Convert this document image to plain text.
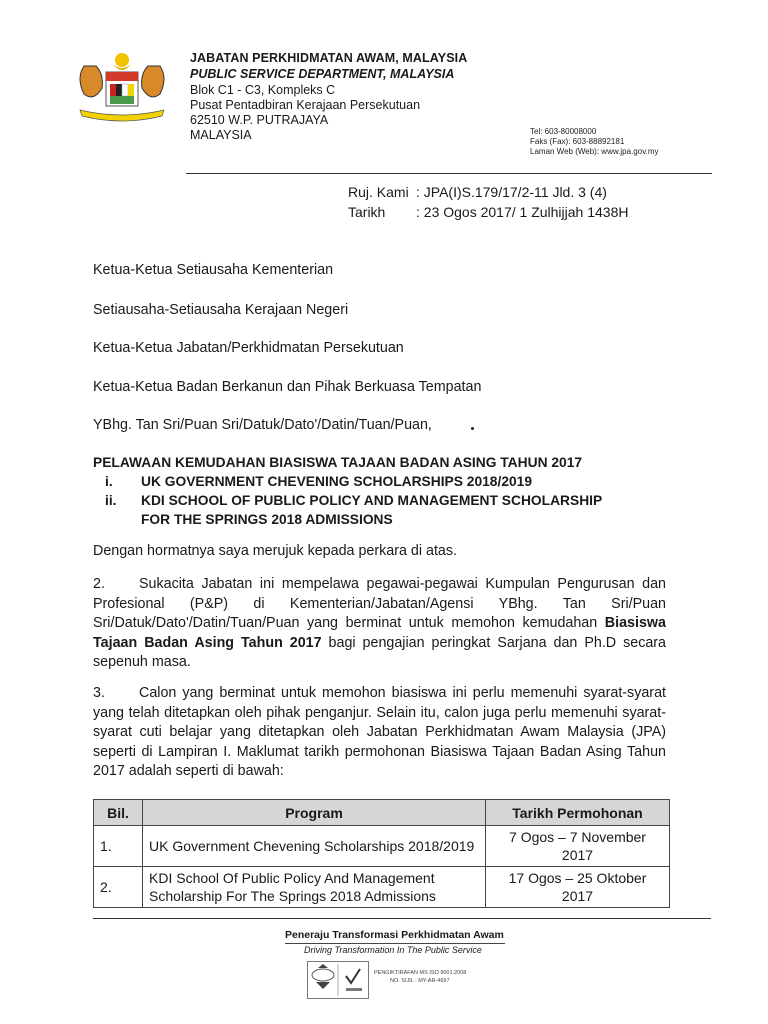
JABATAN PERKHIDMATAN AWAM, MALAYSIA
PUBLIC SERVICE DEPARTMENT, MALAYSIA
Blok C1 - C3, Kompleks C
Pusat Pentadbiran Kerajaan Persekutuan
62510 W.P. PUTRAJAYA
MALAYSIA	Tel: 603-80008000
Faks (Fax): 603-88892181
Laman Web (Web): www.jpa.gov.my
Ruj. Kami : JPA(I)S.179/17/2-11 Jld. 3 (4)
Tarikh : 23 Ogos 2017/ 1 Zulhijjah 1438H
Ketua-Ketua Setiausaha Kementerian
Setiausaha-Setiausaha Kerajaan Negeri
Ketua-Ketua Jabatan/Perkhidmatan Persekutuan
Ketua-Ketua Badan Berkanun dan Pihak Berkuasa Tempatan
YBhg. Tan Sri/Puan Sri/Datuk/Dato'/Datin/Tuan/Puan,
PELAWAAN KEMUDAHAN BIASISWA TAJAAN BADAN ASING TAHUN 2017
i. UK GOVERNMENT CHEVENING SCHOLARSHIPS 2018/2019
ii. KDI SCHOOL OF PUBLIC POLICY AND MANAGEMENT SCHOLARSHIP
FOR THE SPRINGS 2018 ADMISSIONS
Dengan hormatnya saya merujuk kepada perkara di atas.
2. Sukacita Jabatan ini mempelawa pegawai-pegawai Kumpulan Pengurusan dan Profesional (P&P) di Kementerian/Jabatan/Agensi YBhg. Tan Sri/Puan Sri/Datuk/Dato'/Datin/Tuan/Puan yang berminat untuk memohon kemudahan Biasiswa Tajaan Badan Asing Tahun 2017 bagi pengajian peringkat Sarjana dan Ph.D secara sepenuh masa.
3. Calon yang berminat untuk memohon biasiswa ini perlu memenuhi syarat-syarat yang telah ditetapkan oleh pihak penganjur. Selain itu, calon juga perlu memenuhi syarat-syarat cuti belajar yang ditetapkan oleh Jabatan Perkhidmatan Awam Malaysia (JPA) seperti di Lampiran I. Maklumat tarikh permohonan Biasiswa Tajaan Badan Asing Tahun 2017 adalah seperti di bawah:
Bil.	Program	Tarikh Permohonan
1.	UK Government Chevening Scholarships 2018/2019	7 Ogos – 7 November 2017
2.	KDI School Of Public Policy And Management Scholarship For The Springs 2018 Admissions	17 Ogos – 25 Oktober 2017
Peneraju Transformasi Perkhidmatan Awam
Driving Transformation In The Public Service
PENGIKTIRAFAN MS ISO 9001:2008
NO. SIJIL : MY-AR-4697
